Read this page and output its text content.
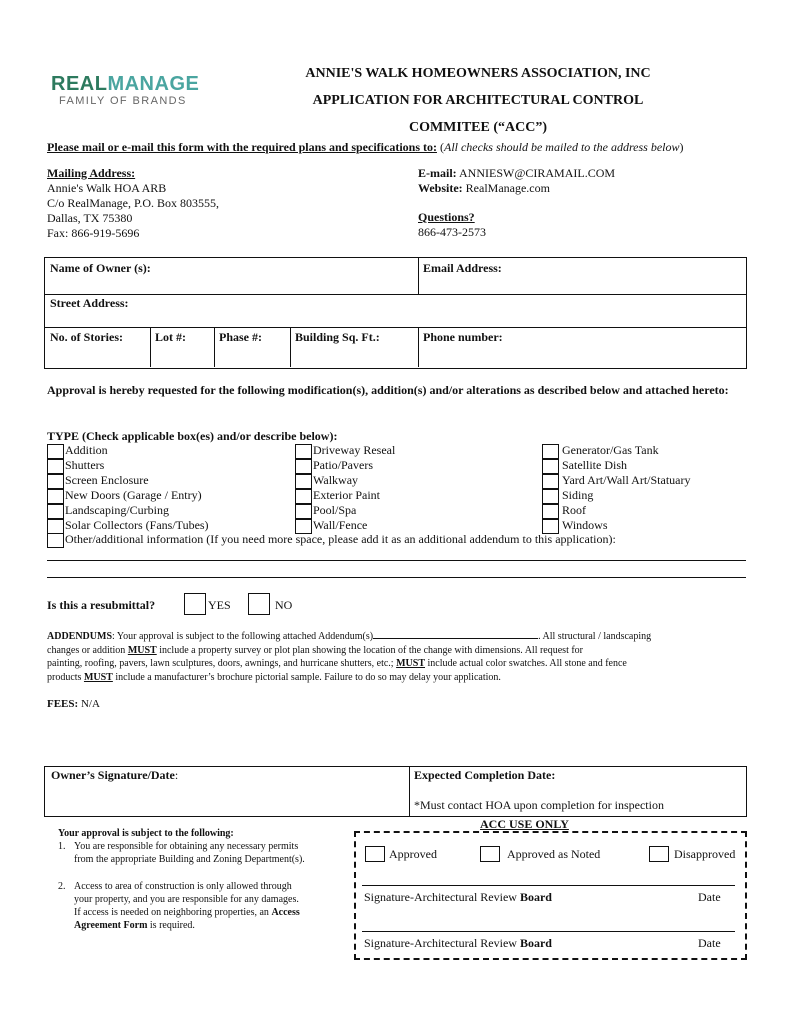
REALMANAGE
FAMILY OF BRANDS
ANNIE'S WALK HOMEOWNERS ASSOCIATION, INC
APPLICATION FOR ARCHITECTURAL CONTROL
COMMITEE (“ACC”)
Please mail or e-mail this form with the required plans and specifications to: (All checks should be mailed to the address below)
Mailing Address:
Annie's Walk HOA ARB
C/o RealManage, P.O. Box 803555,
Dallas, TX 75380
Fax: 866-919-5696
E-mail: ANNIESW@CIRAMAIL.COM
Website: RealManage.com
Questions?
866-473-2573
Name of Owner (s):	Email Address:
Street Address:
No. of Stories:	Lot #:	Phase #:	Building Sq. Ft.:	Phone number:
Approval is hereby requested for the following modification(s), addition(s) and/or alterations as described below and attached hereto:
TYPE (Check applicable box(es) and/or describe below):
Addition
Shutters
Screen Enclosure
New Doors (Garage / Entry)
Landscaping/Curbing
Solar Collectors (Fans/Tubes)
Driveway Reseal
Patio/Pavers
Walkway
Exterior Paint
Pool/Spa
Wall/Fence
Generator/Gas Tank
Satellite Dish
Yard Art/Wall Art/Statuary
Siding
Roof
Windows
Other/additional information (If you need more space, please add it as an additional addendum to this application):
Is this a resubmittal?	YES	NO
ADDENDUMS: Your approval is subject to the following attached Addendum(s)	. All structural / landscaping
changes or addition MUST include a property survey or plot plan showing the location of the change with dimensions. All request for
painting, roofing, pavers, lawn sculptures, doors, awnings, and hurricane shutters, etc.; MUST include actual color swatches. All stone and fence
products MUST include a manufacturer’s brochure pictorial sample. Failure to do so may delay your application.
FEES: N/A
Owner’s Signature/Date:	Expected Completion Date:
*Must contact HOA upon completion for inspection
Your approval is subject to the following:
1. You are responsible for obtaining any necessary permits
from the appropriate Building and Zoning Department(s).
2. Access to area of construction is only allowed through
your property, and you are responsible for any damages.
If access is needed on neighboring properties, an Access
Agreement Form is required.
ACC USE ONLY
Approved	Approved as Noted	Disapproved
Signature-Architectural Review Board	Date
Signature-Architectural Review Board	Date
